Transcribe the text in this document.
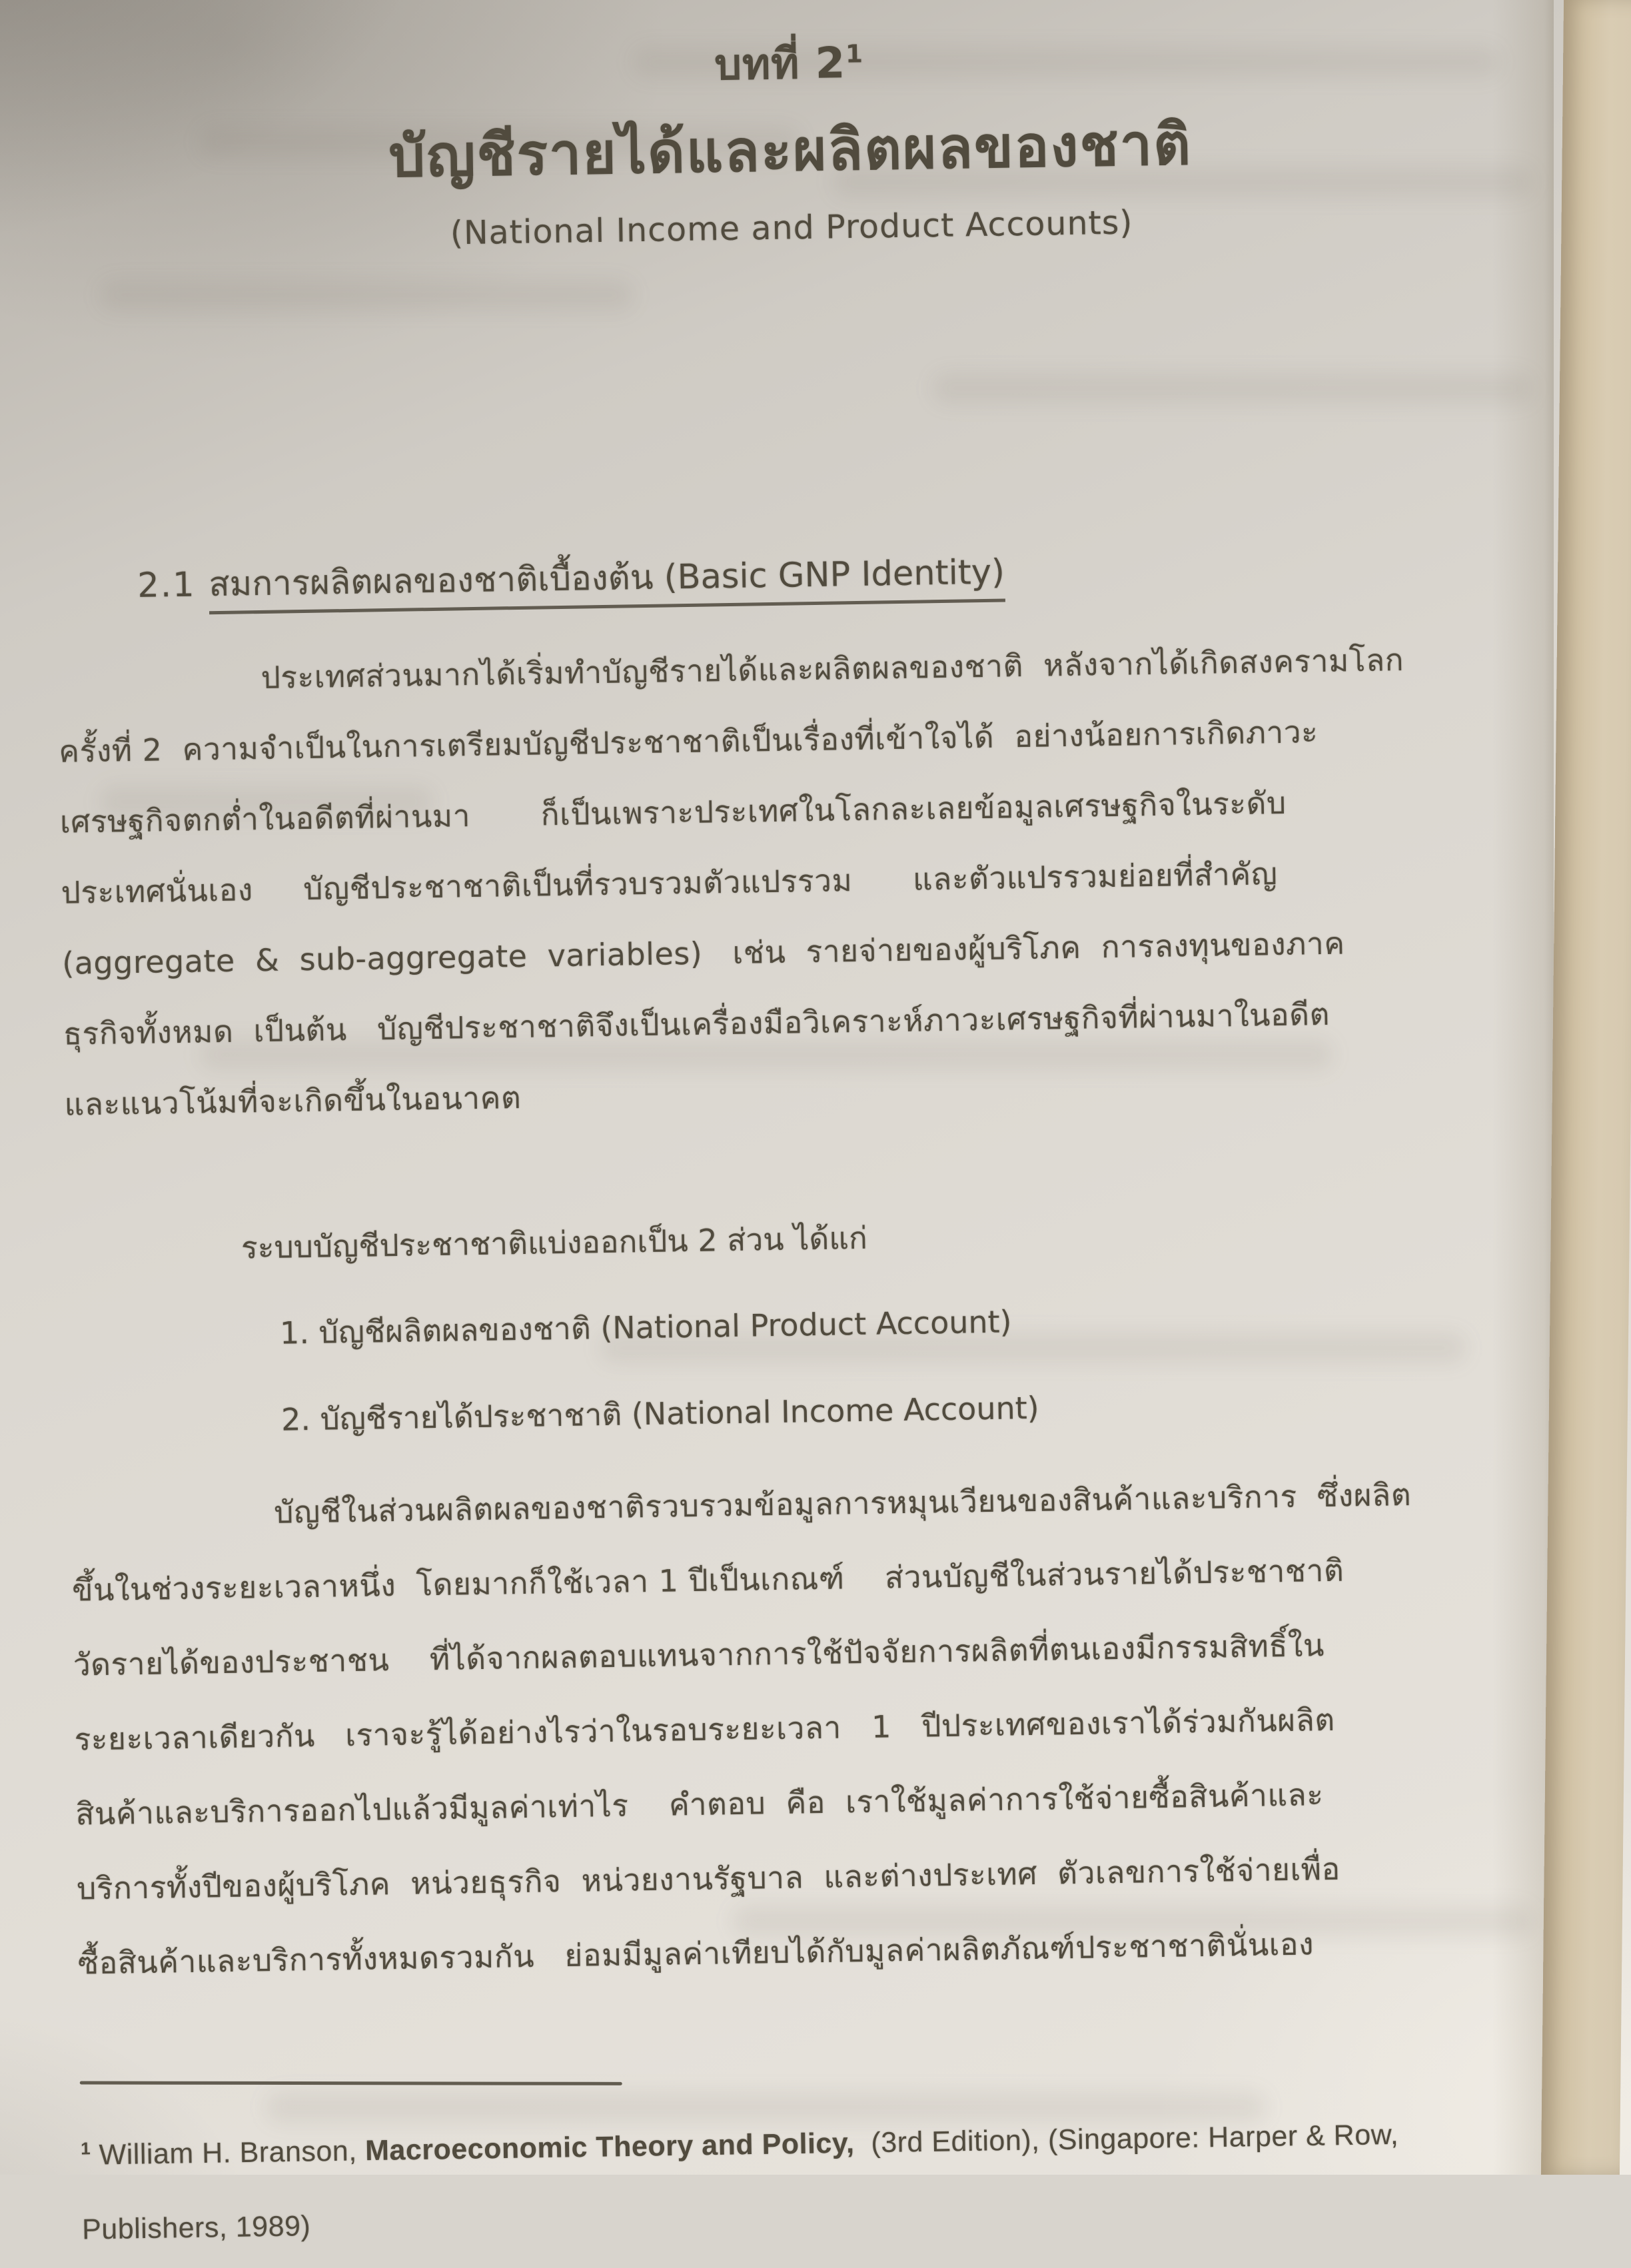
บทที่ $2^1$
บัญชีรายได้และผลิตผลของชาติ
(National Income and Product Accounts)
2.1 สมการผลิตผลของชาติเบื้องต้น (Basic GNP Identity)

ประเทศส่วนมากได้เริ่มทำบัญชีรายได้และผลิตผลของชาติ  หลังจากได้เกิดสงครามโลก
ครั้งที่ 2  ความจำเป็นในการเตรียมบัญชีประชาชาติเป็นเรื่องที่เข้าใจได้  อย่างน้อยการเกิดภาวะ
เศรษฐกิจตกต่ำในอดีตที่ผ่านมา       ก็เป็นเพราะประเทศในโลกละเลยข้อมูลเศรษฐกิจในระดับ
ประเทศนั่นเอง     บัญชีประชาชาติเป็นที่รวบรวมตัวแปรรวม      และตัวแปรรวมย่อยที่สำคัญ
(aggregate  &  sub-aggregate  variables)   เช่น  รายจ่ายของผู้บริโภค  การลงทุนของภาค
ธุรกิจทั้งหมด  เป็นต้น   บัญชีประชาชาติจึงเป็นเครื่องมือวิเคราะห์ภาวะเศรษฐกิจที่ผ่านมาในอดีต
และแนวโน้มที่จะเกิดขึ้นในอนาคต

ระบบบัญชีประชาชาติแบ่งออกเป็น 2 ส่วน ได้แก่
1. บัญชีผลิตผลของชาติ (National Product Account)
2. บัญชีรายได้ประชาชาติ (National Income Account)

บัญชีในส่วนผลิตผลของชาติรวบรวมข้อมูลการหมุนเวียนของสินค้าและบริการ  ซึ่งผลิต
ขึ้นในช่วงระยะเวลาหนึ่ง  โดยมากก็ใช้เวลา 1 ปีเป็นเกณฑ์    ส่วนบัญชีในส่วนรายได้ประชาชาติ
วัดรายได้ของประชาชน    ที่ได้จากผลตอบแทนจากการใช้ปัจจัยการผลิตที่ตนเองมีกรรมสิทธิ์ใน
ระยะเวลาเดียวกัน   เราจะรู้ได้อย่างไรว่าในรอบระยะเวลา   1   ปีประเทศของเราได้ร่วมกันผลิต
สินค้าและบริการออกไปแล้วมีมูลค่าเท่าไร    คำตอบ  คือ  เราใช้มูลค่าการใช้จ่ายซื้อสินค้าและ
บริการทั้งปีของผู้บริโภค  หน่วยธุรกิจ  หน่วยงานรัฐบาล  และต่างประเทศ  ตัวเลขการใช้จ่ายเพื่อ
ซื้อสินค้าและบริการทั้งหมดรวมกัน   ย่อมมีมูลค่าเทียบได้กับมูลค่าผลิตภัณฑ์ประชาชาตินั่นเอง

$^1$ William H. Branson, Macroeconomic Theory and Policy,  (3rd Edition), (Singapore: Harper & Row,
Publishers, 1989)
